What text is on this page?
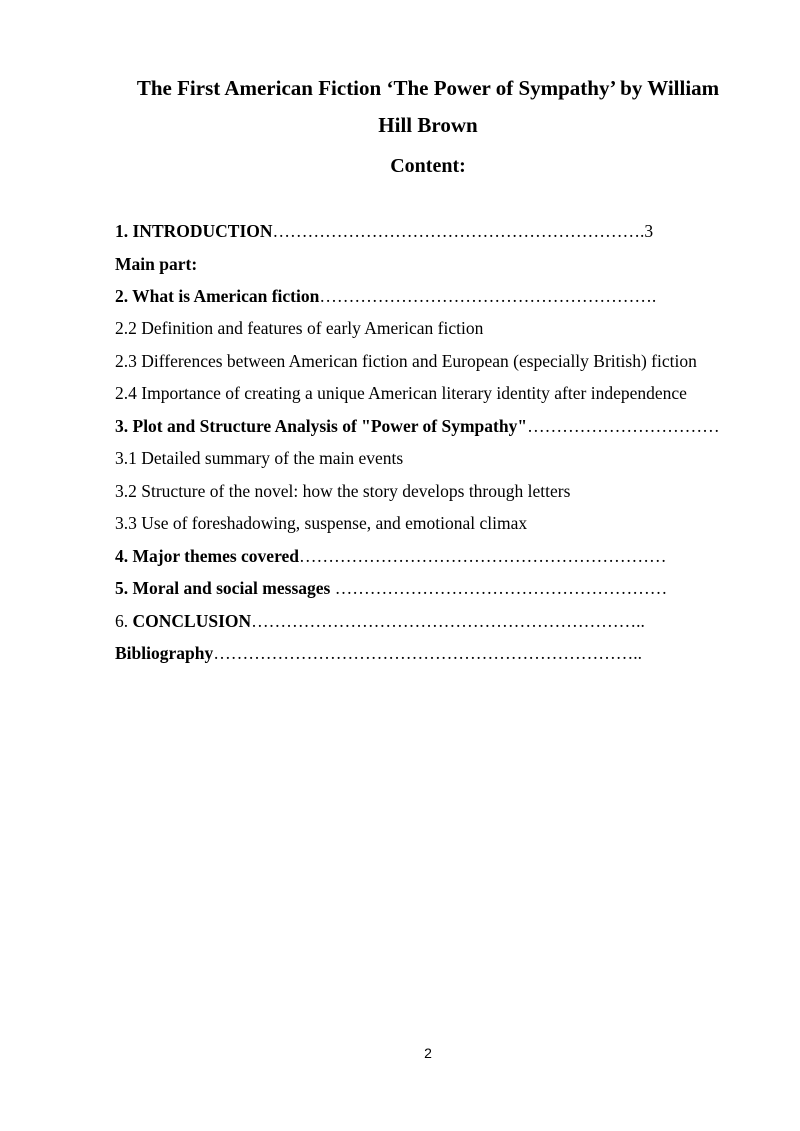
The First American Fiction ‘The Power of Sympathy’ by William
Hill Brown
Content:
1. INTRODUCTION……………………………………………………….3
Main part:
2. What is American fiction………………………………………………….
2.2 Definition and features of early American fiction
2.3 Differences between American fiction and European (especially British) fiction
2.4 Importance of creating a unique American literary identity after independence
3. Plot and Structure Analysis of "Power of Sympathy"……………………………
3.1 Detailed summary of the main events
3.2 Structure of the novel: how the story develops through letters
3.3 Use of foreshadowing, suspense, and emotional climax
4. Major themes covered………………………………………………………
5. Moral and social messages …………………………………………………
6. CONCLUSION…………………………………………………………..
Bibliography………………………………………………………………..
2
